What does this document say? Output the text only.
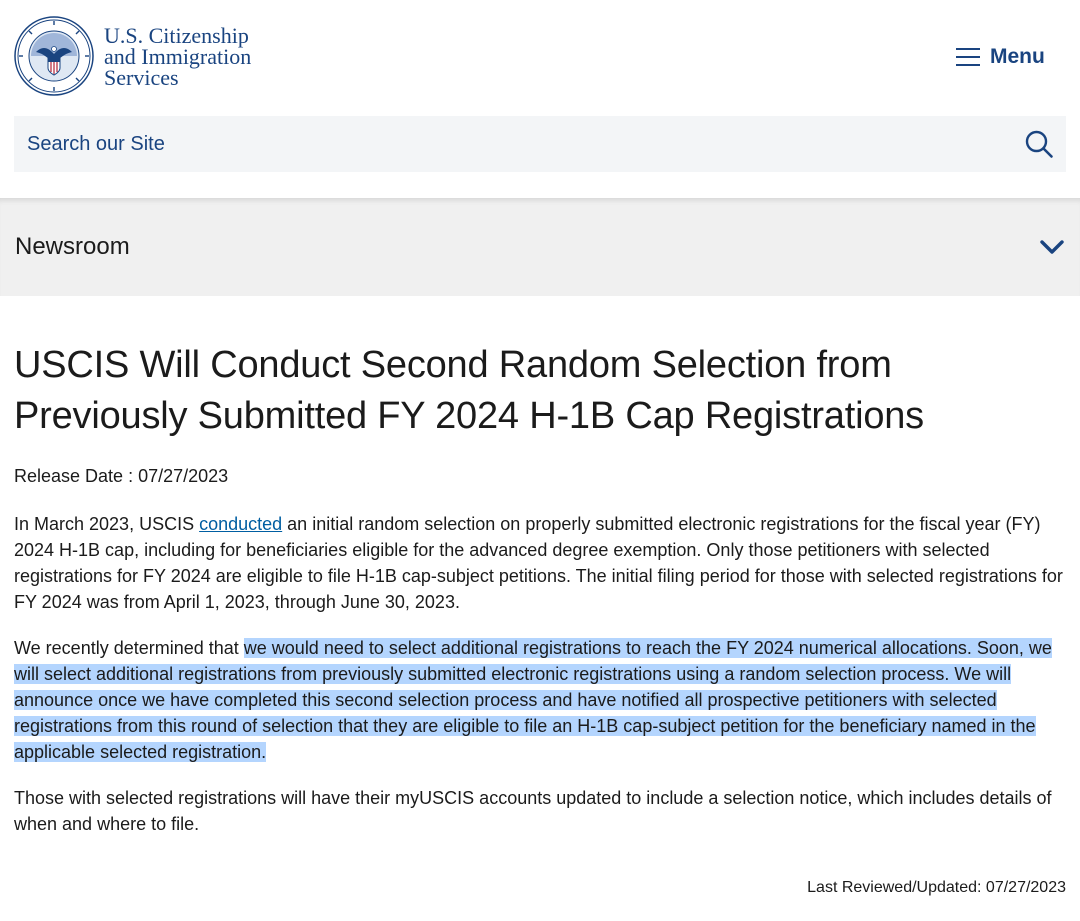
U.S. Citizenship
and Immigration
Services
Menu
Search our Site
Newsroom
USCIS Will Conduct Second Random Selection from Previously Submitted FY 2024 H-1B Cap Registrations
Release Date : 07/27/2023

In March 2023, USCIS conducted an initial random selection on properly submitted electronic registrations for the fiscal year (FY) 2024 H-1B cap, including for beneficiaries eligible for the advanced degree exemption. Only those petitioners with selected registrations for FY 2024 are eligible to file H-1B cap-subject petitions. The initial filing period for those with selected registrations for FY 2024 was from April 1, 2023, through June 30, 2023.

We recently determined that we would need to select additional registrations to reach the FY 2024 numerical allocations. Soon, we will select additional registrations from previously submitted electronic registrations using a random selection process. We will announce once we have completed this second selection process and have notified all prospective petitioners with selected registrations from this round of selection that they are eligible to file an H-1B cap-subject petition for the beneficiary named in the applicable selected registration.

Those with selected registrations will have their myUSCIS accounts updated to include a selection notice, which includes details of when and where to file.

Last Reviewed/Updated: 07/27/2023
